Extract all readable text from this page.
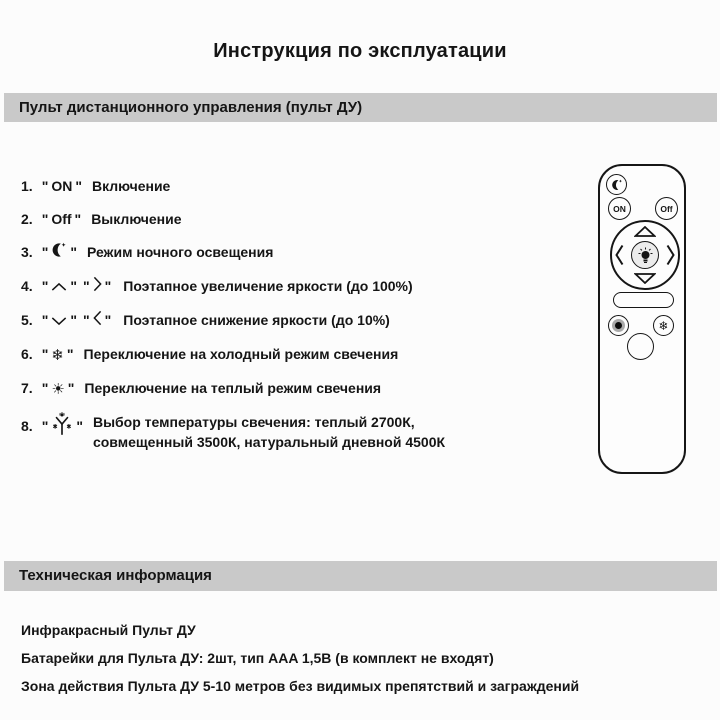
Инструкция по эксплуатации
Пульт дистанционного управления (пульт ДУ)
1. " ON " Включение
2. " Off " Выключение
3. " " Режим ночного освещения
4. " " " " Поэтапное увеличение яркости (до 100%)
5. " " " " Поэтапное снижение яркости (до 10%)
6. " ❄ " Переключение на холодный режим свечения
7. " ☀ " Переключение на теплый режим свечения
8. " " Выбор температуры свечения: теплый 2700К,
совмещенный 3500К, натуральный дневной 4500К
ON	Off
❄
Техническая информация
Инфракрасный Пульт ДУ
Батарейки для Пульта ДУ: 2шт, тип AAA 1,5В (в комплект не входят)
Зона действия Пульта ДУ 5-10 метров без видимых препятствий и заграждений
